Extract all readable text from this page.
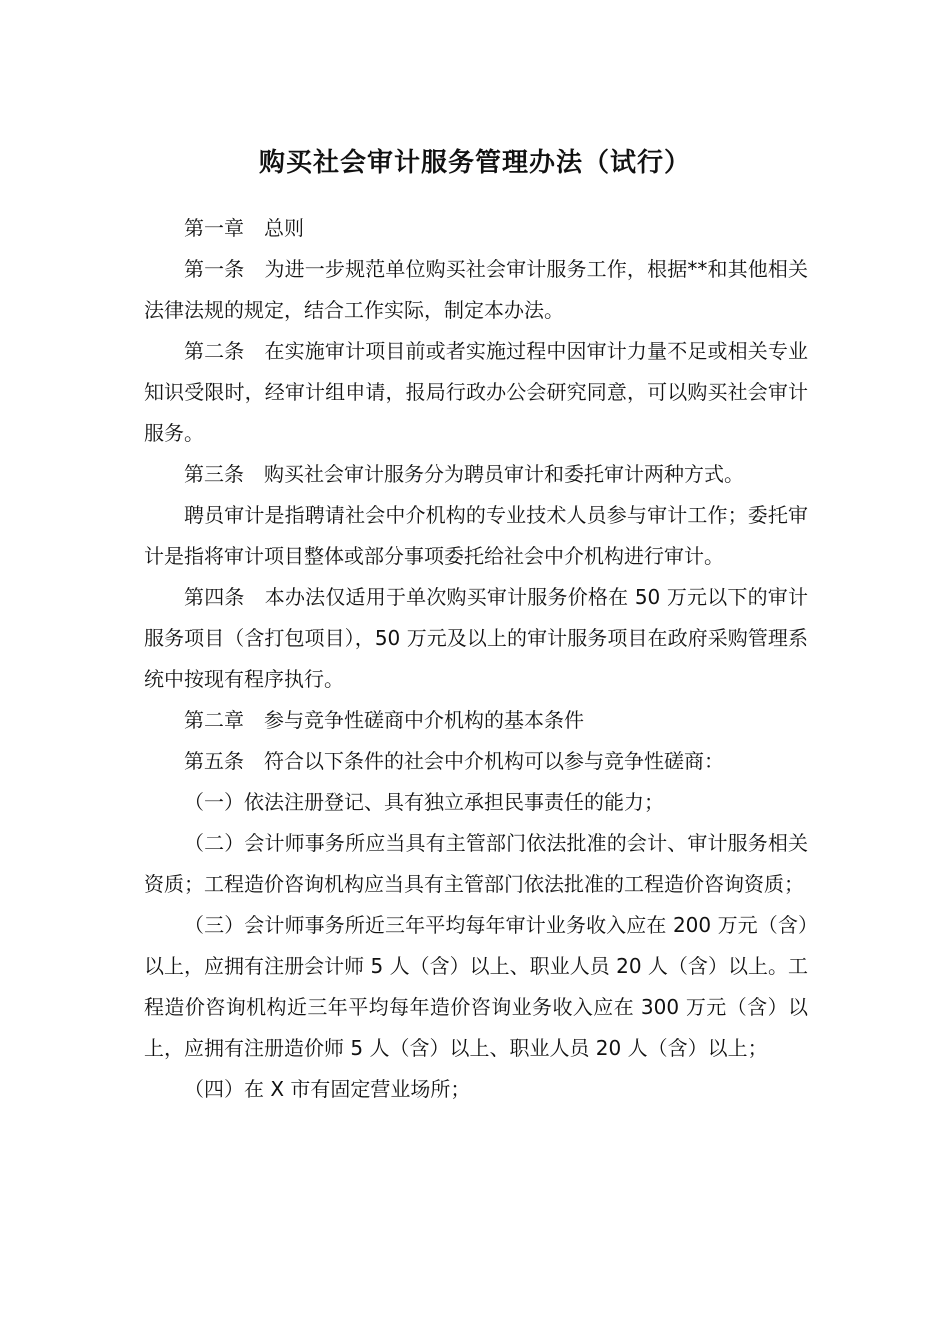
购买社会审计服务管理办法（试行）

第一章　总则

第一条　为进一步规范单位购买社会审计服务工作，根据**和其他相关法律法规的规定，结合工作实际，制定本办法。

第二条　在实施审计项目前或者实施过程中因审计力量不足或相关专业知识受限时，经审计组申请，报局行政办公会研究同意，可以购买社会审计服务。

第三条　购买社会审计服务分为聘员审计和委托审计两种方式。

聘员审计是指聘请社会中介机构的专业技术人员参与审计工作；委托审计是指将审计项目整体或部分事项委托给社会中介机构进行审计。

第四条　本办法仅适用于单次购买审计服务价格在 50 万元以下的审计服务项目（含打包项目），50 万元及以上的审计服务项目在政府采购管理系统中按现有程序执行。

第二章　参与竞争性磋商中介机构的基本条件

第五条　符合以下条件的社会中介机构可以参与竞争性磋商：

（一）依法注册登记、具有独立承担民事责任的能力；

（二）会计师事务所应当具有主管部门依法批准的会计、审计服务相关资质；工程造价咨询机构应当具有主管部门依法批准的工程造价咨询资质；

（三）会计师事务所近三年平均每年审计业务收入应在 200 万元（含）以上，应拥有注册会计师 5 人（含）以上、职业人员 20 人（含）以上。工程造价咨询机构近三年平均每年造价咨询业务收入应在 300 万元（含）以上，应拥有注册造价师 5 人（含）以上、职业人员 20 人（含）以上；

（四）在 X 市有固定营业场所；
